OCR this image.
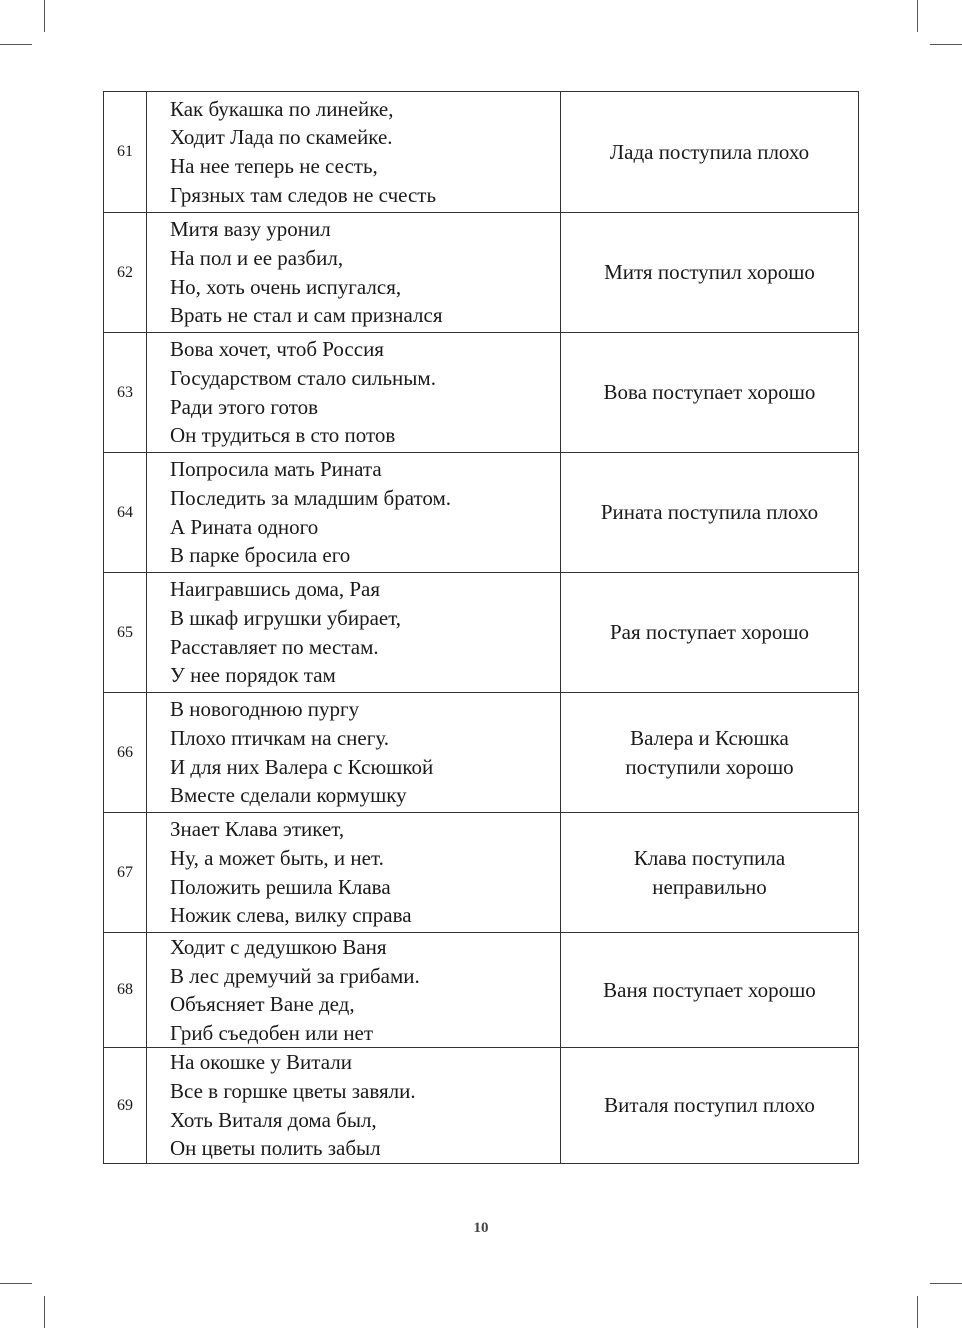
61	Как букашка по линейке,
Ходит Лада по скамейке.
На нее теперь не сесть,
Грязных там следов не счесть	Лада поступила плохо

62	Митя вазу уронил
На пол и ее разбил,
Но, хоть очень испугался,
Врать не стал и сам признался	Митя поступил хорошо

63	Вова хочет, чтоб Россия
Государством стало сильным.
Ради этого готов
Он трудиться в сто потов	Вова поступает хорошо

64	Попросила мать Рината
Последить за младшим братом.
А Рината одного
В парке бросила его	Рината поступила плохо

65	Наигравшись дома, Рая
В шкаф игрушки убирает,
Расставляет по местам.
У нее порядок там	Рая поступает хорошо

66	В новогоднюю пургу
Плохо птичкам на снегу.
И для них Валера с Ксюшкой
Вместе сделали кормушку	Валера и Ксюшка
поступили хорошо

67	Знает Клава этикет,
Ну, а может быть, и нет.
Положить решила Клава
Ножик слева, вилку справа	Клава поступила
неправильно

68	Ходит с дедушкою Ваня
В лес дремучий за грибами.
Объясняет Ване дед,
Гриб съедобен или нет	Ваня поступает хорошо

69	На окошке у Витали
Все в горшке цветы завяли.
Хоть Виталя дома был,
Он цветы полить забыл	Виталя поступил плохо
10
